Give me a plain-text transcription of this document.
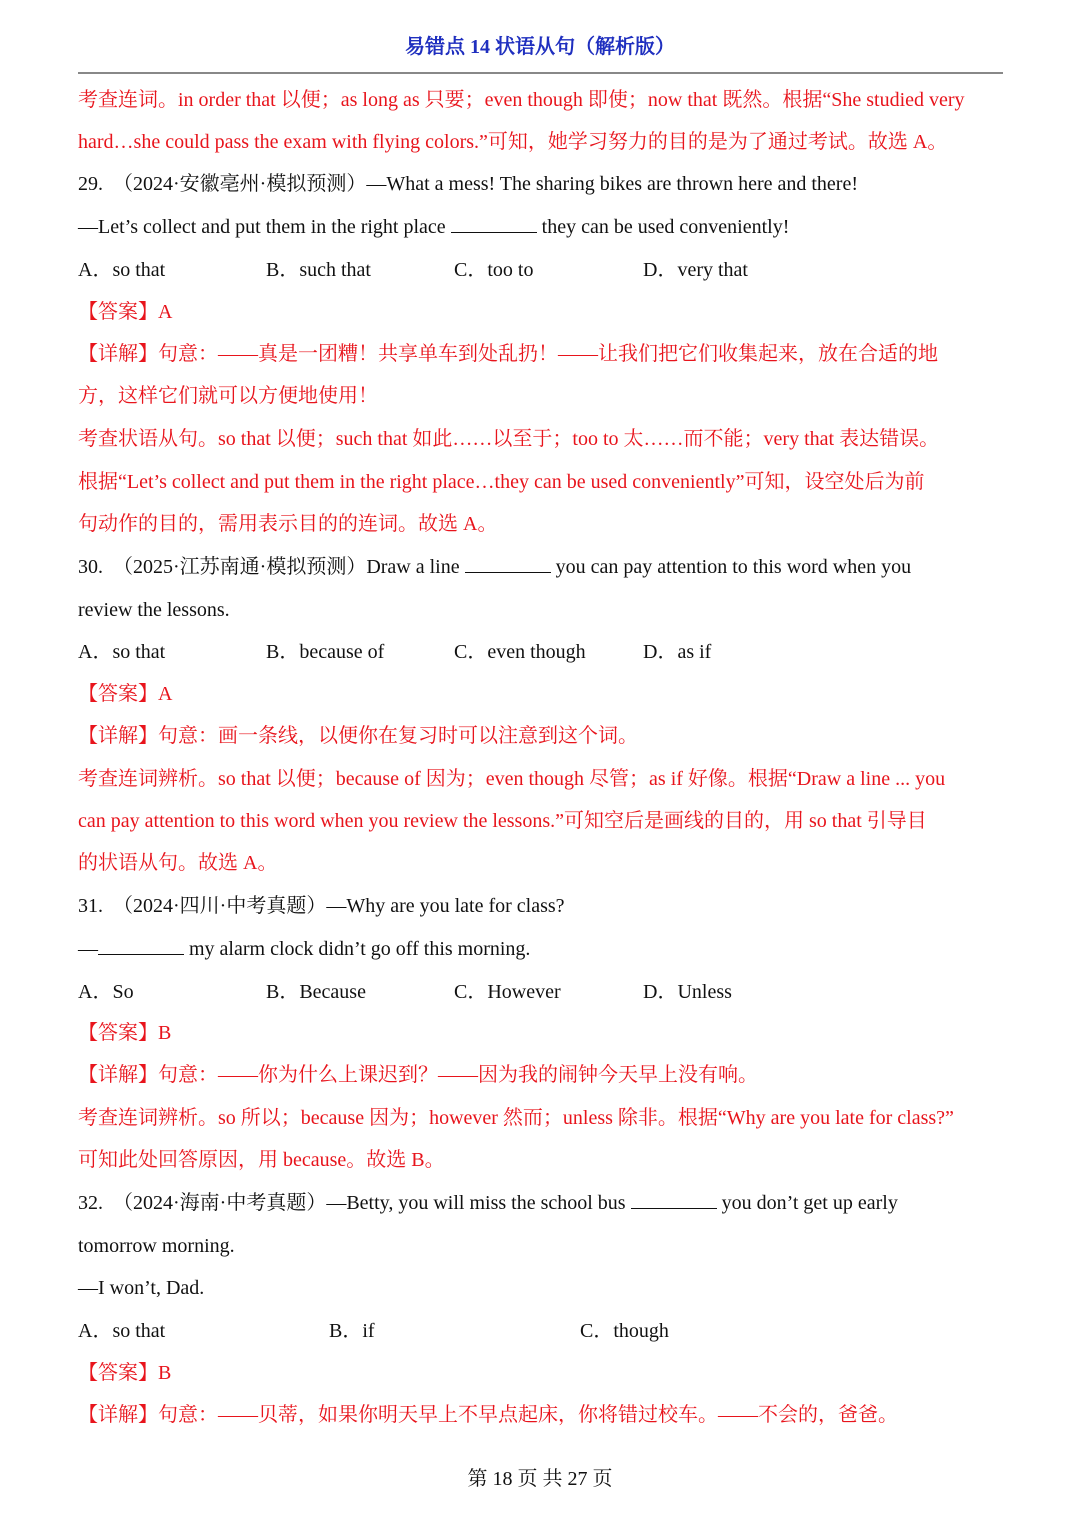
易错点 14 状语从句（解析版）
考查连词。in order that 以便；as long as 只要；even though 即使；now that 既然。根据“She studied very
hard…she could pass the exam with flying colors.”可知，她学习努力的目的是为了通过考试。故选 A。
29.　（2024·安徽亳州·模拟预测）—What a mess! The sharing bikes are thrown here and there!
—Let’s collect and put them in the right place	they can be used conveniently!
A．so that	B．such that	C．too to	D．very that
【答案】A
【详解】句意：——真是一团糟！共享单车到处乱扔！——让我们把它们收集起来，放在合适的地
方，这样它们就可以方便地使用！
考查状语从句。so that 以便；such that 如此……以至于；too to 太……而不能；very that 表达错误。
根据“Let’s collect and put them in the right place…they can be used conveniently”可知，设空处后为前
句动作的目的，需用表示目的的连词。故选 A。
30.　（2025·江苏南通·模拟预测）Draw a line	you can pay attention to this word when you
review the lessons.
A．so that	B．because of	C．even though	D．as if
【答案】A
【详解】句意：画一条线，以便你在复习时可以注意到这个词。
考查连词辨析。so that 以便；because of 因为；even though 尽管；as if 好像。根据“Draw a line ... you
can pay attention to this word when you review the lessons.”可知空后是画线的目的，用 so that 引导目
的状语从句。故选 A。
31.　（2024·四川·中考真题）—Why are you late for class?
—	my alarm clock didn’t go off this morning.
A．So	B．Because	C．However	D．Unless
【答案】B
【详解】句意：——你为什么上课迟到？——因为我的闹钟今天早上没有响。
考查连词辨析。so 所以；because 因为；however 然而；unless 除非。根据“Why are you late for class?”
可知此处回答原因，用 because。故选 B。
32.　（2024·海南·中考真题）—Betty, you will miss the school bus	you don’t get up early
tomorrow morning.
—I won’t, Dad.
A．so that	B．if	C．though
【答案】B
【详解】句意：——贝蒂，如果你明天早上不早点起床，你将错过校车。——不会的，爸爸。
第 18 页 共 27 页
